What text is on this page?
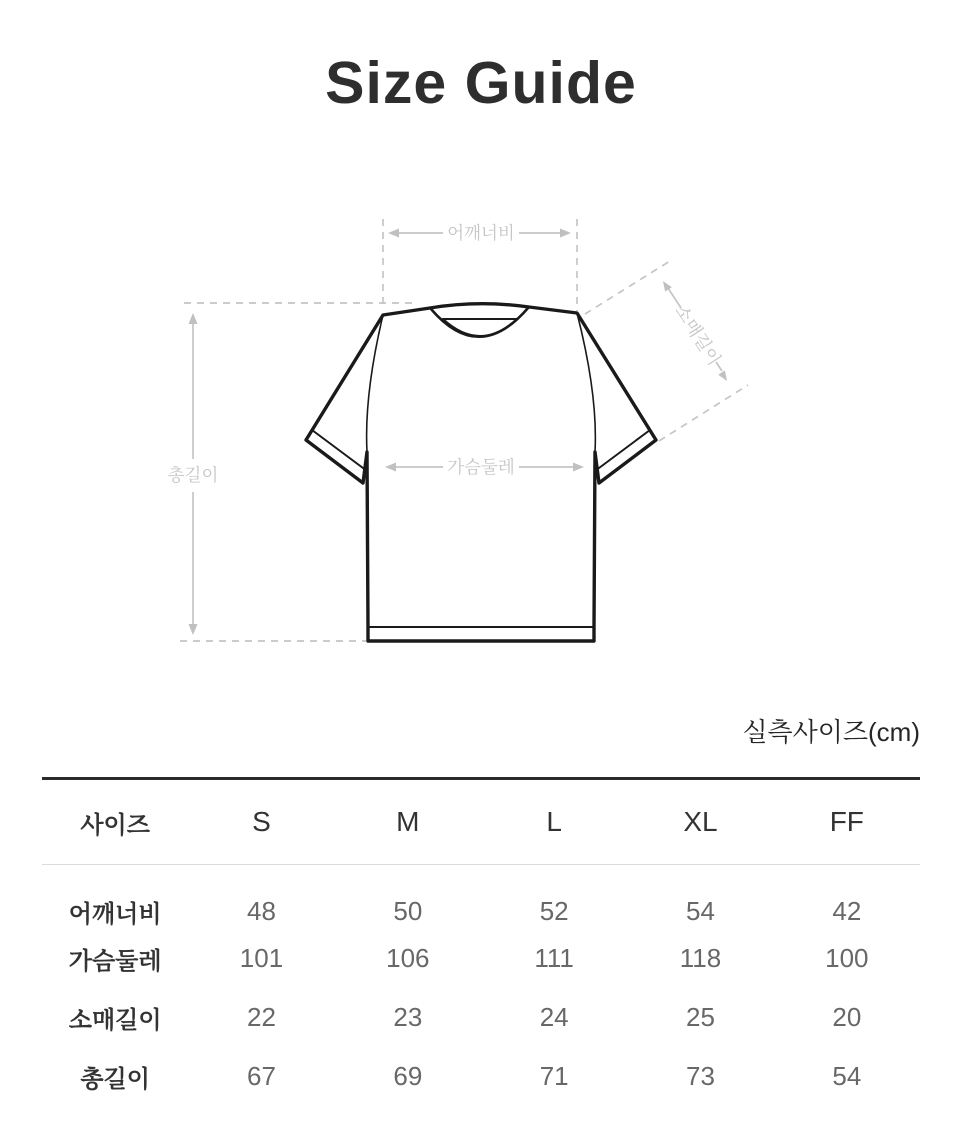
Size Guide
어깨너비
가슴둘레
총길이
소매길이
실측사이즈(cm)
사이즈	S	M	L	XL	FF
어깨너비	48	50	52	54	42
가슴둘레	101	106	111	118	100
소매길이	22	23	24	25	20
총길이	67	69	71	73	54
